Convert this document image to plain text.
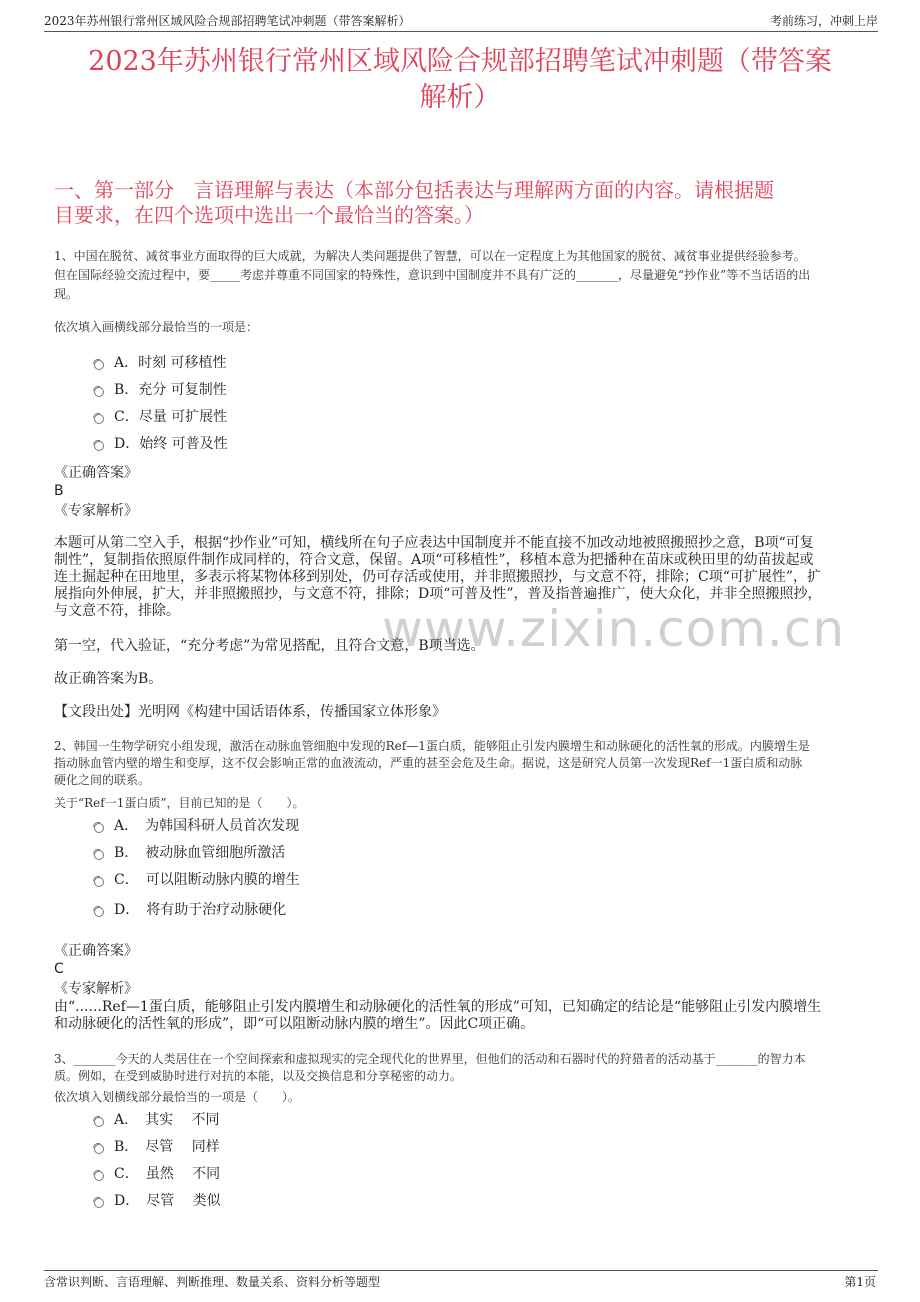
2023年苏州银行常州区域风险合规部招聘笔试冲刺题（带答案解析）	考前练习，冲刺上岸
2023年苏州银行常州区域风险合规部招聘笔试冲刺题（带答案
解析）
一、第一部分　言语理解与表达（本部分包括表达与理解两方面的内容。请根据题
目要求，在四个选项中选出一个最恰当的答案。）
www.zixin.com.cn
1、中国在脱贫、减贫事业方面取得的巨大成就，为解决人类问题提供了智慧，可以在一定程度上为其他国家的脱贫、减贫事业提供经验参考。
但在国际经验交流过程中，要_____考虑并尊重不同国家的特殊性，意识到中国制度并不具有广泛的_______，尽量避免“抄作业”等不当话语的出
现。
依次填入画横线部分最恰当的一项是：
A．时刻 可移植性
B．充分 可复制性
C．尽量 可扩展性
D．始终 可普及性
《正确答案》
B
《专家解析》
本题可从第二空入手，根据“抄作业”可知，横线所在句子应表达中国制度并不能直接不加改动地被照搬照抄之意，B项“可复
制性”，复制指依照原件制作成同样的，符合文意，保留。A项“可移植性”，移植本意为把播种在苗床或秧田里的幼苗拔起或
连土掘起种在田地里，多表示将某物体移到别处，仍可存活或使用，并非照搬照抄，与文意不符，排除；C项“可扩展性”，扩
展指向外伸展，扩大，并非照搬照抄，与文意不符，排除；D项“可普及性”，普及指普遍推广，使大众化，并非全照搬照抄，
与文意不符，排除。
第一空，代入验证，“充分考虑”为常见搭配，且符合文意，B项当选。
故正确答案为B。
【文段出处】光明网《构建中国话语体系，传播国家立体形象》
2、韩国一生物学研究小组发现，激活在动脉血管细胞中发现的Ref—1蛋白质，能够阻止引发内膜增生和动脉硬化的活性氧的形成。内膜增生是
指动脉血管内壁的增生和变厚，这不仅会影响正常的血液流动，严重的甚至会危及生命。据说，这是研究人员第一次发现Ref一1蛋白质和动脉
硬化之间的联系。
关于“Ref一1蛋白质”，目前已知的是（　　）。
A．　为韩国科研人员首次发现
B．　被动脉血管细胞所激活
C．　可以阻断动脉内膜的增生
D．　将有助于治疗动脉硬化
《正确答案》
C
《专家解析》
由“......Ref—1蛋白质，能够阻止引发内膜增生和动脉硬化的活性氧的形成”可知，已知确定的结论是“能够阻止引发内膜增生
和动脉硬化的活性氧的形成”，即“可以阻断动脉内膜的增生”。因此C项正确。
3、_______今天的人类居住在一个空间探索和虚拟现实的完全现代化的世界里，但他们的活动和石器时代的狩猎者的活动基于_______的智力本
质。例如，在受到威胁时进行对抗的本能，以及交换信息和分享秘密的动力。
依次填入划横线部分最恰当的一项是（　　）。
A．　其实　 不同
B．　尽管　 同样
C．　虽然　 不同
D．　尽管　 类似
含常识判断、言语理解、判断推理、数量关系、资料分析等题型	第1页
